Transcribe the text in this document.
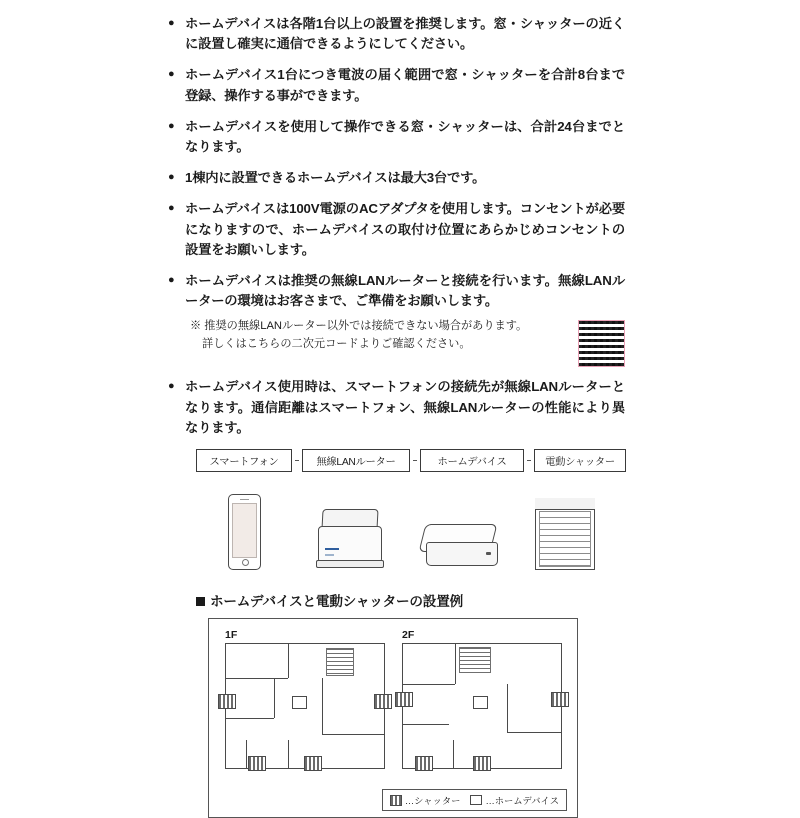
● ホームデバイスは各階1台以上の設置を推奨します。窓・シャッターの近くに設置し確実に通信できるようにしてください。
● ホームデバイス1台につき電波の届く範囲で窓・シャッターを合計8台まで登録、操作する事ができます。
● ホームデバイスを使用して操作できる窓・シャッターは、合計24台までとなります。
● 1棟内に設置できるホームデバイスは最大3台です。
● ホームデバイスは100V電源のACアダプタを使用します。コンセントが必要になりますので、ホームデバイスの取付け位置にあらかじめコンセントの設置をお願いします。
● ホームデバイスは推奨の無線LANルーターと接続を行います。無線LANルーターの環境はお客さまで、ご準備をお願いします。
※ 推奨の無線LANルーター以外では接続できない場合があります。
詳しくはこちらの二次元コードよりご確認ください。
● ホームデバイス使用時は、スマートフォンの接続先が無線LANルーターとなります。通信距離はスマートフォン、無線LANルーターの性能により異なります。
スマートフォン	無線LANルーター	ホームデバイス	電動シャッター
ホームデバイスと電動シャッターの設置例
1F	2F
…シャッター	…ホームデバイス
